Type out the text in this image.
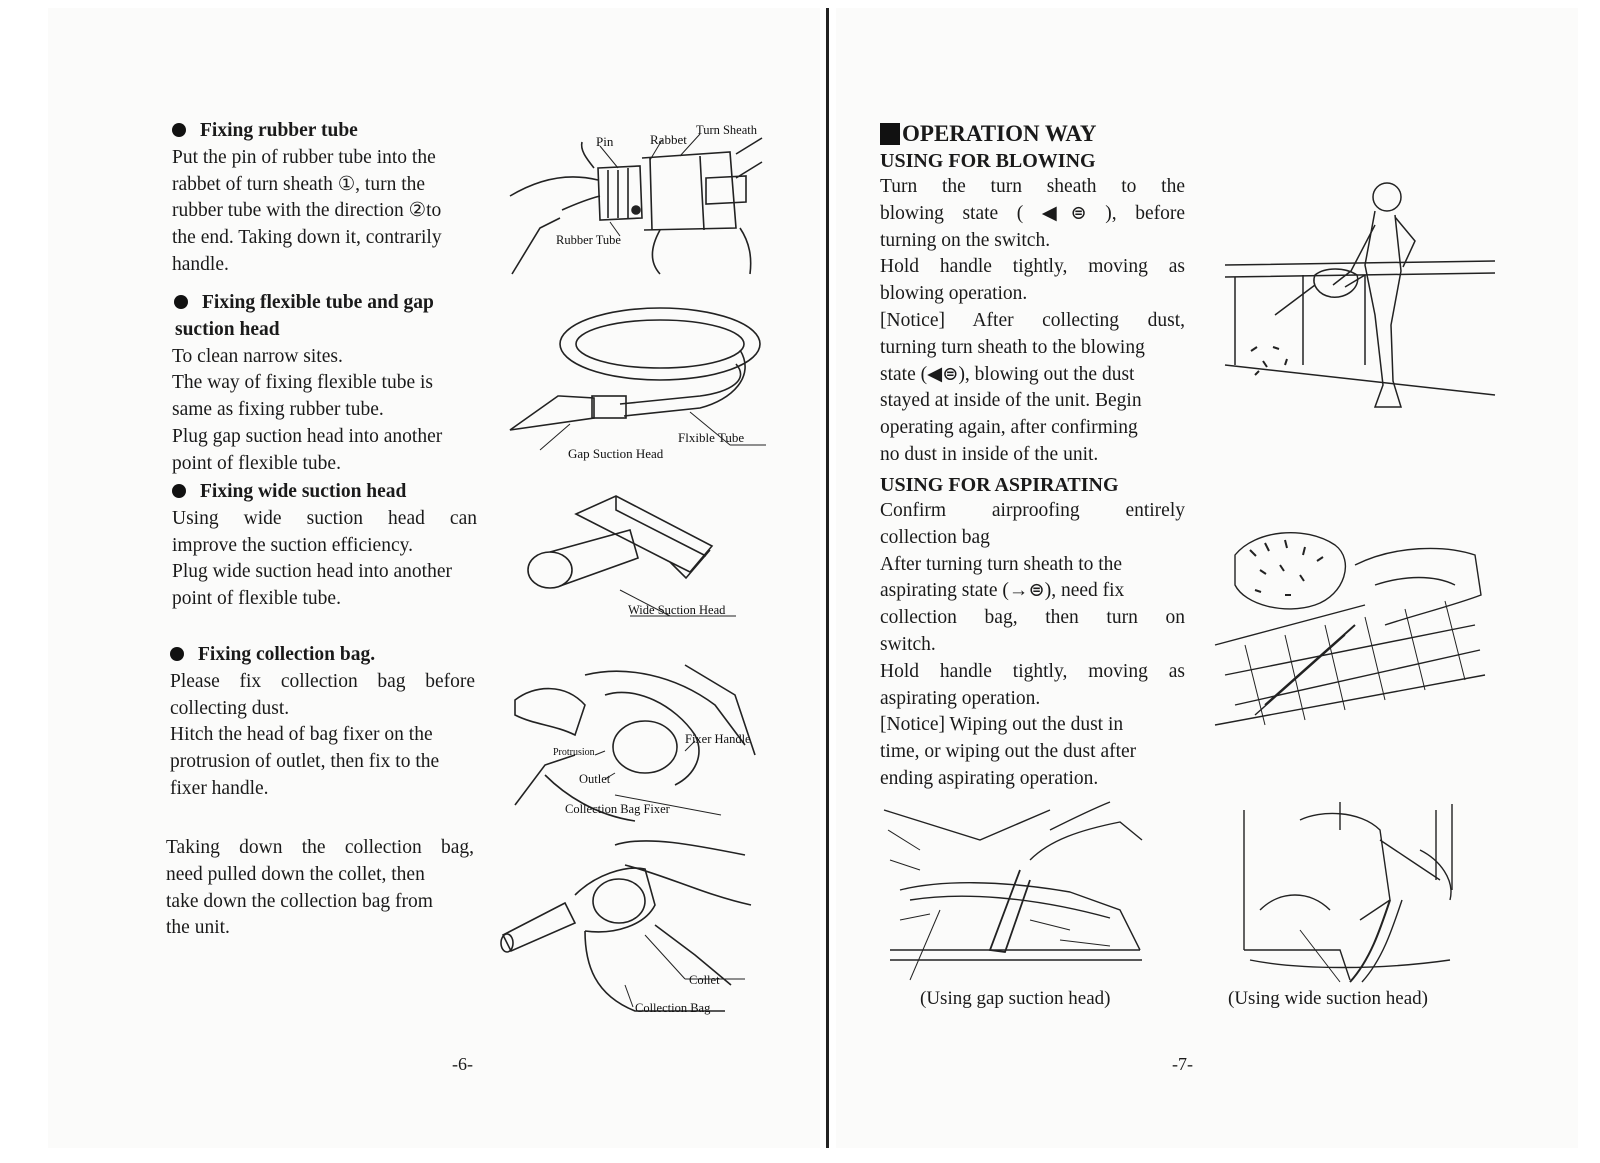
Fixing rubber tube

Put the pin of rubber tube into the

rabbet of turn sheath ①, turn the

rubber tube with the direction ②to

the end. Taking down it, contrarily

handle.

Fixing flexible tube and gap

suction head

To clean narrow sites.

The way of fixing flexible tube is

same as fixing rubber tube.

Plug gap suction head into another

point of flexible tube.

Fixing wide suction head

Using wide suction head can

improve the suction efficiency.

Plug wide suction head into another

point of flexible tube.

Fixing collection bag.

Please fix collection bag before

collecting dust.

Hitch the head of bag fixer on the

protrusion of outlet, then fix to the

fixer handle.

Taking down the collection bag,

need pulled down the collet, then

take down the collection bag from

the unit.

-6-
Pin	Rabbet
Turn Sheath
Rubber Tube
Flxible Tube
Gap Suction Head
Wide Suction Head
Protrusion
Fixer Handle
Outlet
Collection Bag Fixer
Collet
Collection Bag

OPERATION WAY

USING FOR BLOWING

Turn the turn sheath to the

blowing state ( ◀⊜ ), before

turning on the switch.

Hold handle tightly, moving as

blowing operation.

[Notice] After collecting dust,

turning turn sheath to the blowing

state (◀⊜), blowing out the dust

stayed at inside of the unit. Begin

operating again, after confirming

no dust in inside of the unit.

USING FOR ASPIRATING

Confirm airproofing entirely

collection bag

After turning turn sheath to the

aspirating state (→⊜), need fix

collection bag, then turn on

switch.

Hold handle tightly, moving as

aspirating operation.

[Notice] Wiping out the dust in

time, or wiping out the dust after

ending aspirating operation.

(Using gap suction head)	(Using wide suction head)
-7-
